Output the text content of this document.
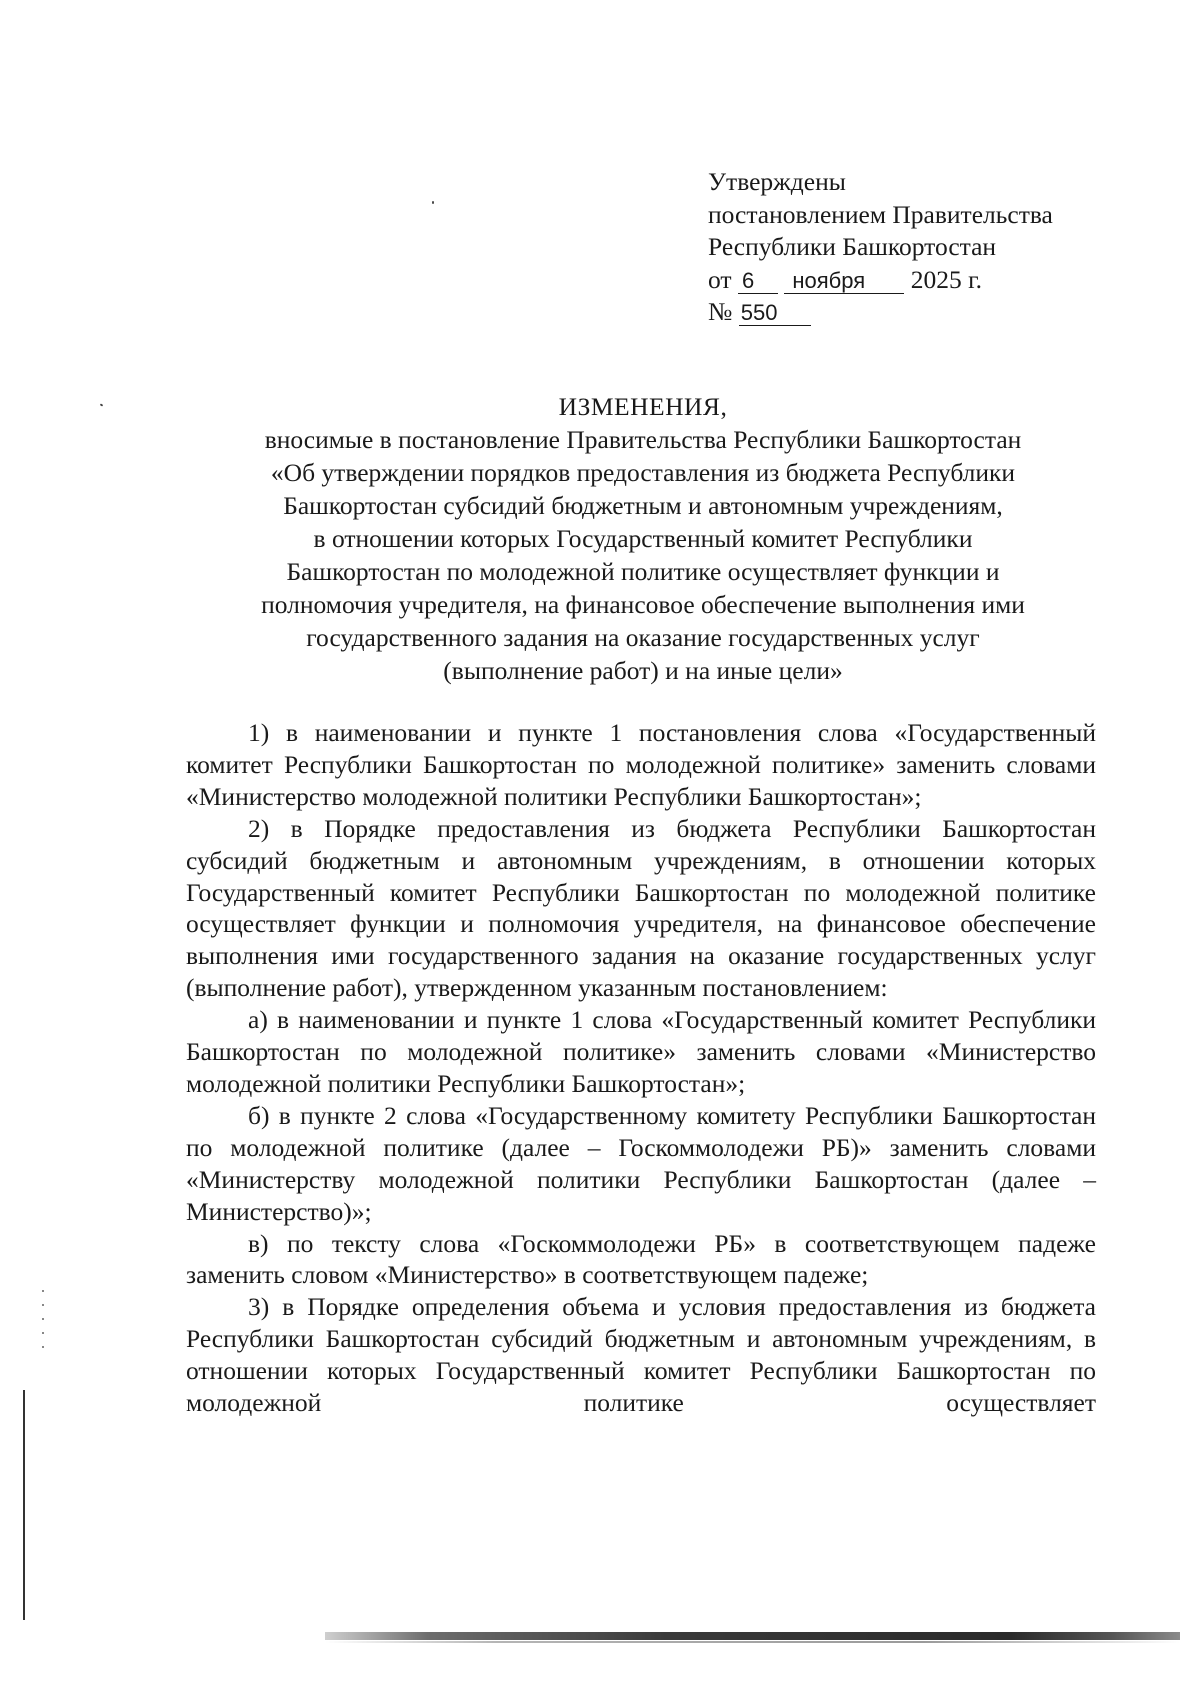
Утверждены
постановлением Правительства
Республики Башкортостан
от 6 ноября 2025 г.
№ 550
ИЗМЕНЕНИЯ,
вносимые в постановление Правительства Республики Башкортостан
«Об утверждении порядков предоставления из бюджета Республики
Башкортостан субсидий бюджетным и автономным учреждениям,
в отношении которых Государственный комитет Республики
Башкортостан по молодежной политике осуществляет функции и
полномочия учредителя, на финансовое обеспечение выполнения ими
государственного задания на оказание государственных услуг
(выполнение работ) и на иные цели»

1) в наименовании и пункте 1 постановления слова «Государственный комитет Республики Башкортостан по молодежной политике» заменить словами «Министерство молодежной политики Республики Башкортостан»;

2) в Порядке предоставления из бюджета Республики Башкортостан субсидий бюджетным и автономным учреждениям, в отношении которых Государственный комитет Республики Башкортостан по молодежной политике осуществляет функции и полномочия учредителя, на финансовое обеспечение выполнения ими государственного задания на оказание государственных услуг (выполнение работ), утвержденном указанным постановлением:

а) в наименовании и пункте 1 слова «Государственный комитет Республики Башкортостан по молодежной политике» заменить словами «Министерство молодежной политики Республики Башкортостан»;

б) в пункте 2 слова «Государственному комитету Республики Башкортостан по молодежной политике (далее – Госкоммолодежи РБ)» заменить словами «Министерству молодежной политики Республики Башкортостан (далее – Министерство)»;

в) по тексту слова «Госкоммолодежи РБ» в соответствующем падеже заменить словом «Министерство» в соответствующем падеже;

3) в Порядке определения объема и условия предоставления из бюджета Республики Башкортостан субсидий бюджетным и автономным учреждениям, в отношении которых Государственный комитет Республики Башкортостан по молодежной политике осуществляет
